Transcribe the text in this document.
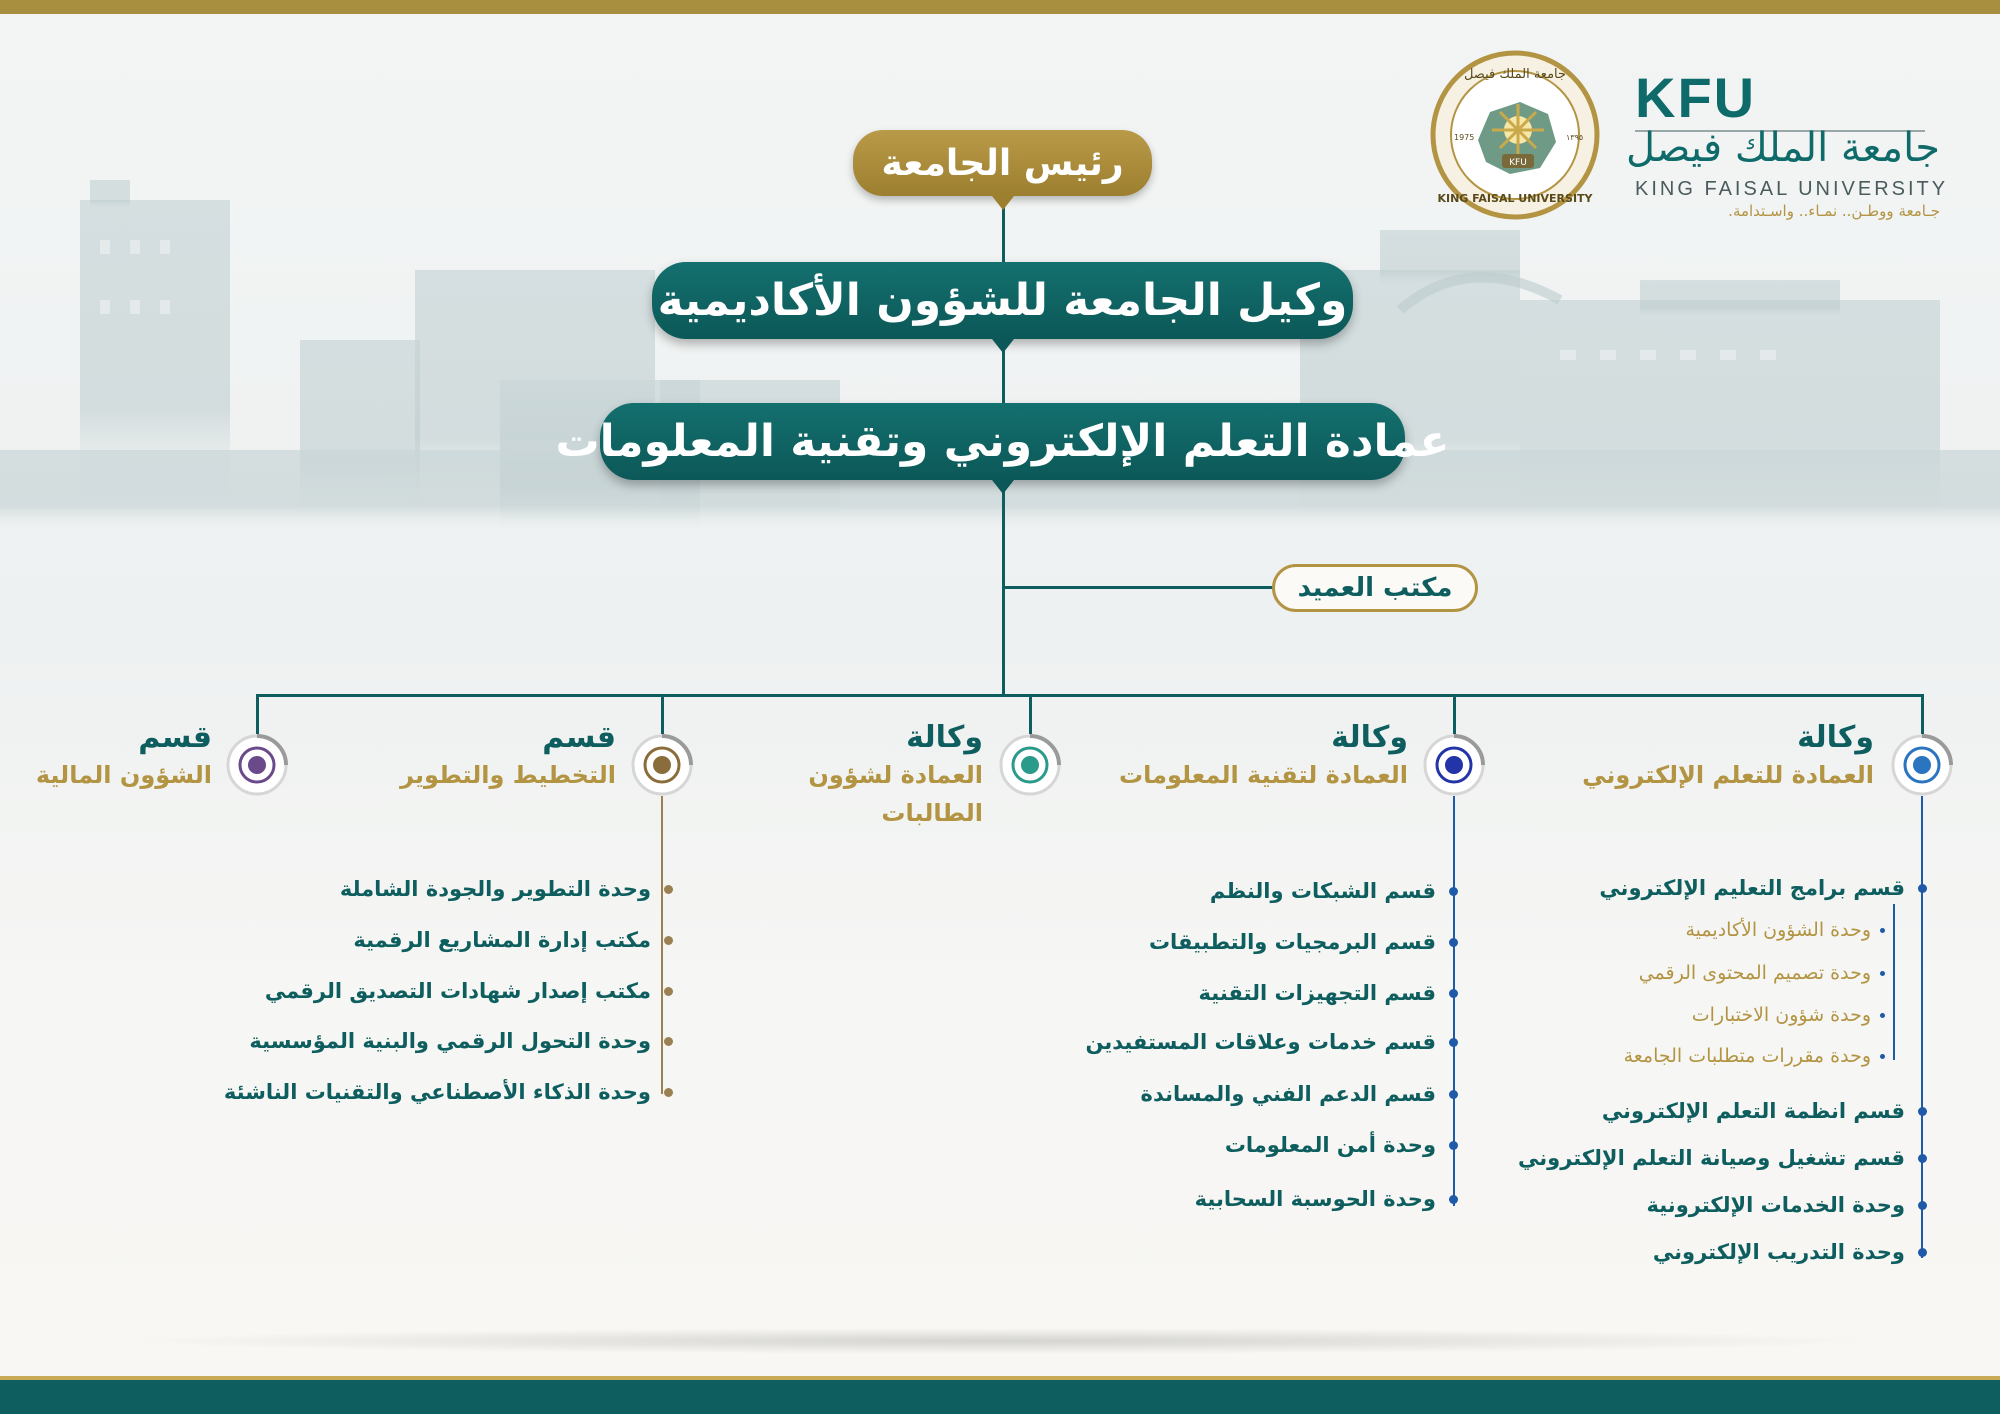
KFU
جامعة الملك فيصل
KING FAISAL UNIVERSITY
1975	١٣٩٥
KFU
جامعة الملك فيصل
KING FAISAL UNIVERSITY
جـامعة ووطـن.. نمـاء.. واسـتدامة.
رئيس الجامعة
وكيل الجامعة للشؤون الأكاديمية
عمادة التعلم الإلكتروني وتقنية المعلومات
مكتب العميد
وكالة
العمادة للتعلم الإلكتروني
قسم برامج التعليم الإلكتروني
وحدة الشؤون الأكاديمية
وحدة تصميم المحتوى الرقمي
وحدة شؤون الاختبارات
وحدة مقررات متطلبات الجامعة
قسم انظمة التعلم الإلكتروني
قسم تشغيل وصيانة التعلم الإلكتروني
وحدة الخدمات الإلكترونية
وحدة التدريب الإلكتروني
وكالة
العمادة لتقنية المعلومات
قسم الشبكات والنظم
قسم البرمجيات والتطبيقات
قسم التجهيزات التقنية
قسم خدمات وعلاقات المستفيدين
قسم الدعم الفني والمساندة
وحدة أمن المعلومات
وحدة الحوسبة السحابية
وكالة
العمادة لشؤون
الطالبات
قسم
التخطيط والتطوير
وحدة التطوير والجودة الشاملة
مكتب إدارة المشاريع الرقمية
مكتب إصدار شهادات التصديق الرقمي
وحدة التحول الرقمي والبنية المؤسسية
وحدة الذكاء الأصطناعي والتقنيات الناشئة
قسم
الشؤون المالية
